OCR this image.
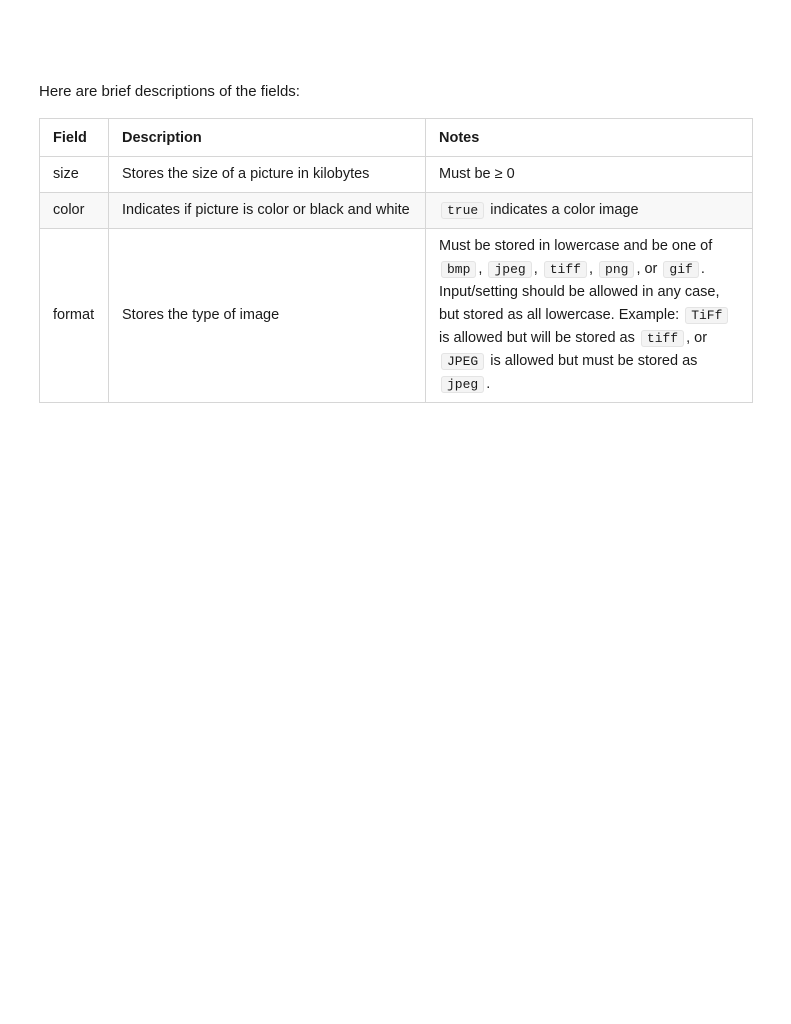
Here are brief descriptions of the fields:

Field	Description	Notes
size	Stores the size of a picture in kilobytes	Must be ≥ 0
color	Indicates if picture is color or black and white	true indicates a color image
format	Stores the type of image	Must be stored in lowercase and be one of bmp , jpeg , tiff , png , or gif . Input/setting should be allowed in any case, but stored as all lowercase. Example: TiFf is allowed but will be stored as tiff , or JPEG is allowed but must be stored as jpeg .
